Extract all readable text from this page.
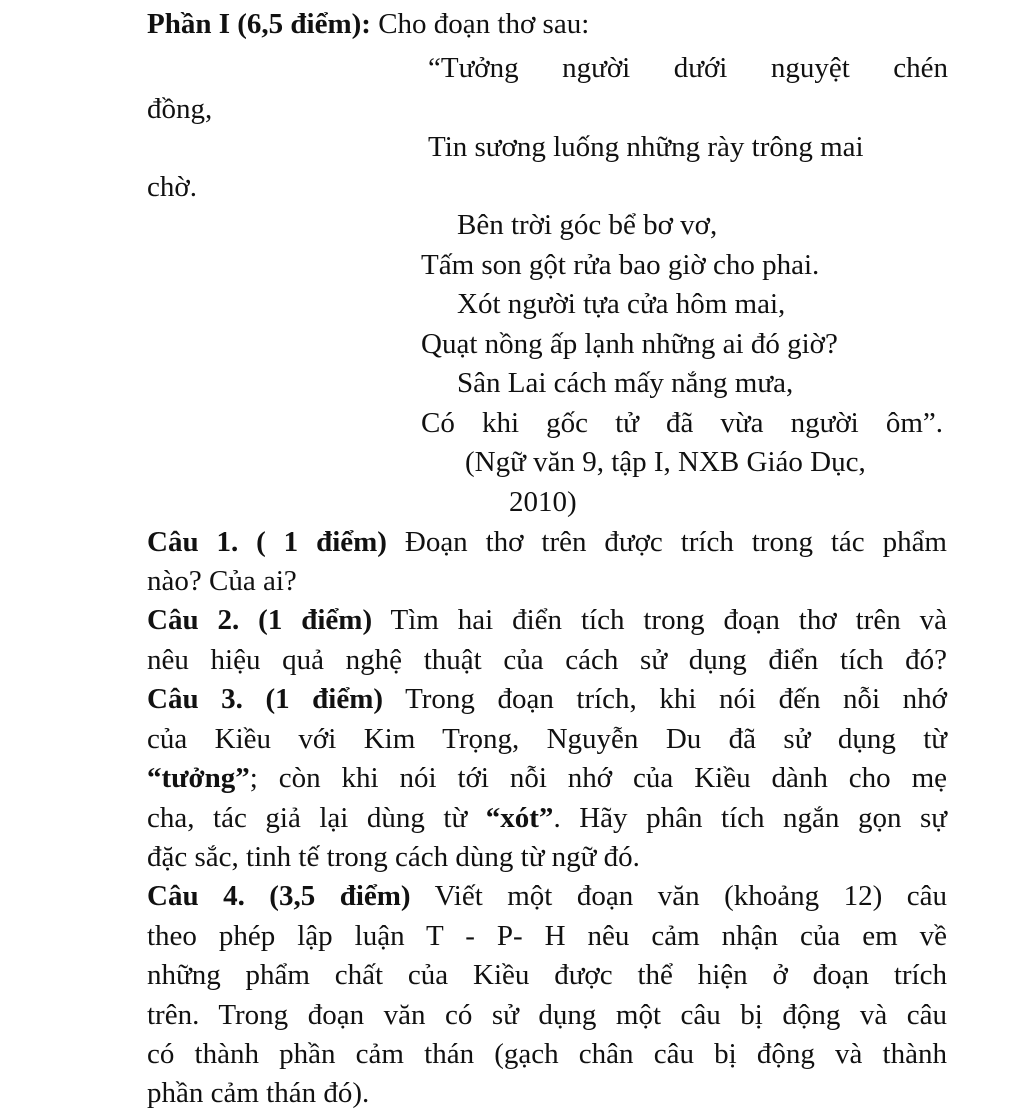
Phần I (6,5 điểm): Cho đoạn thơ sau:

“Tưởng người dưới nguyệt chén

đồng,

Tin sương luống những rày trông mai

chờ.

Bên trời góc bể bơ vơ,

Tấm son gột rửa bao giờ cho phai.

Xót người tựa cửa hôm mai,

Quạt nồng ấp lạnh những ai đó giờ?

Sân Lai cách mấy nắng mưa,

Có khi gốc tử đã vừa người ôm”.

(Ngữ văn 9, tập I, NXB Giáo Dục,

2010)

Câu 1. ( 1 điểm) Đoạn thơ trên được trích trong tác phẩm

nào? Của ai?

Câu 2. (1 điểm) Tìm hai điển tích trong đoạn thơ trên và

nêu hiệu quả nghệ thuật của cách sử dụng điển tích đó?

Câu 3. (1 điểm) Trong đoạn trích, khi nói đến nỗi nhớ

của Kiều với Kim Trọng, Nguyễn Du đã sử dụng từ

“tưởng”; còn khi nói tới nỗi nhớ của Kiều dành cho mẹ

cha, tác giả lại dùng từ “xót”. Hãy phân tích ngắn gọn sự

đặc sắc, tinh tế trong cách dùng từ ngữ đó.

Câu 4. (3,5 điểm) Viết một đoạn văn (khoảng 12) câu

theo phép lập luận T - P- H nêu cảm nhận của em về

những phẩm chất của Kiều được thể hiện ở đoạn trích

trên. Trong đoạn văn có sử dụng một câu bị động và câu

có thành phần cảm thán (gạch chân câu bị động và thành

phần cảm thán đó).
